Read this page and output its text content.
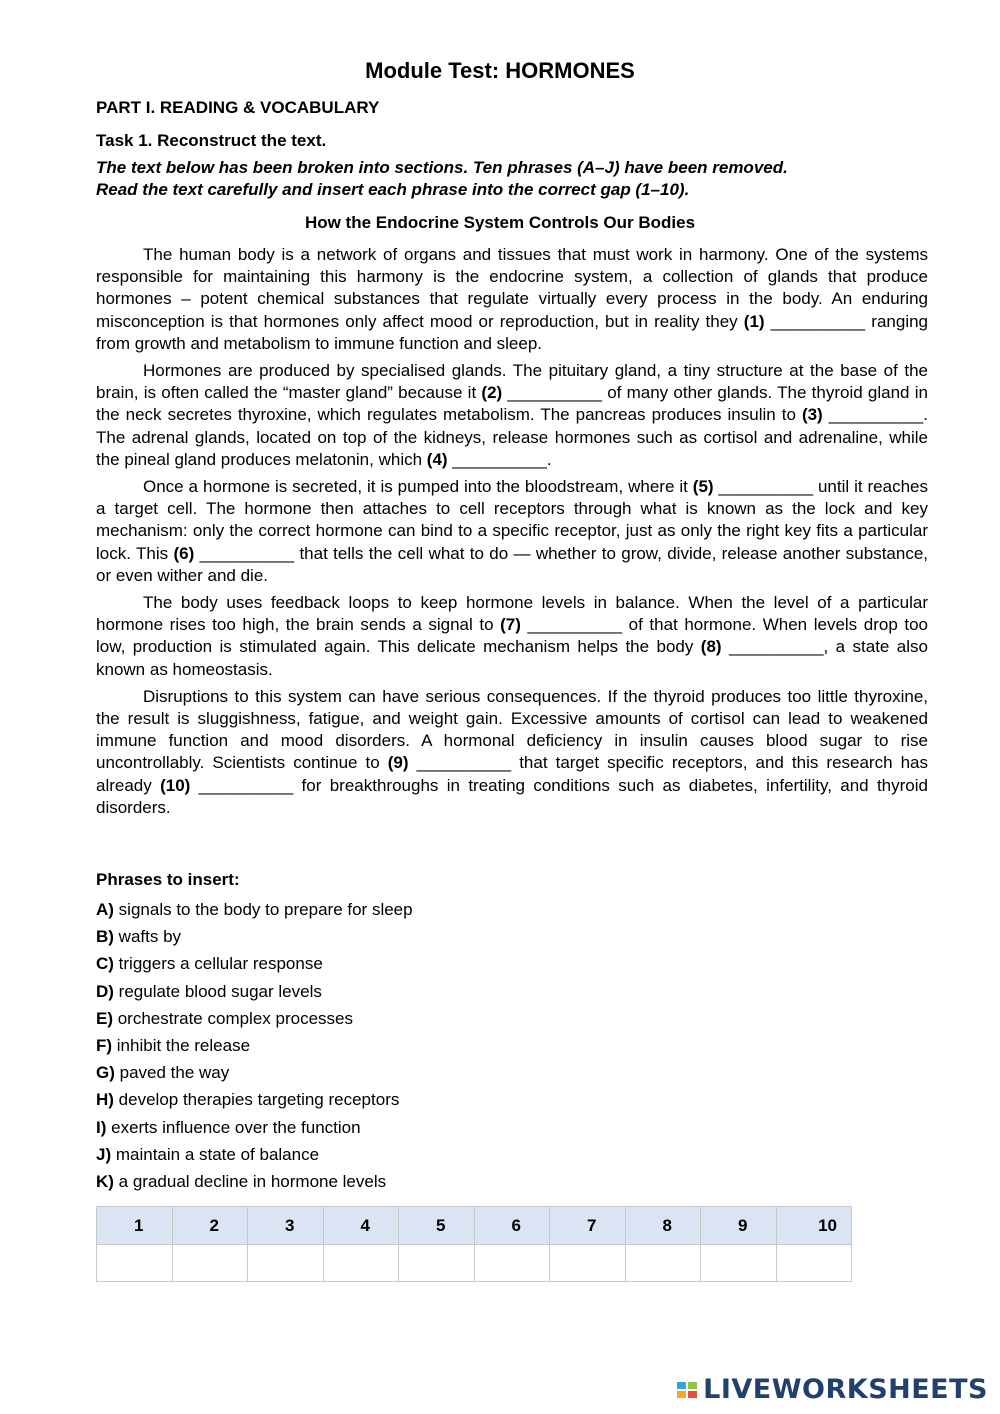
Module Test: HORMONES
PART I. READING & VOCABULARY
Task 1. Reconstruct the text.
The text below has been broken into sections. Ten phrases (A–J) have been removed.
Read the text carefully and insert each phrase into the correct gap (1–10).
How the Endocrine System Controls Our Bodies

The human body is a network of organs and tissues that must work in harmony. One of the systems responsible for maintaining this harmony is the endocrine system, a collection of glands that produce hormones – potent chemical substances that regulate virtually every process in the body. An enduring misconception is that hormones only affect mood or reproduction, but in reality they (1) __________ ranging from growth and metabolism to immune function and sleep.

Hormones are produced by specialised glands. The pituitary gland, a tiny structure at the base of the brain, is often called the “master gland” because it (2) __________ of many other glands. The thyroid gland in the neck secretes thyroxine, which regulates metabolism. The pancreas produces insulin to (3) __________. The adrenal glands, located on top of the kidneys, release hormones such as cortisol and adrenaline, while the pineal gland produces melatonin, which (4) __________.

Once a hormone is secreted, it is pumped into the bloodstream, where it (5) __________ until it reaches a target cell. The hormone then attaches to cell receptors through what is known as the lock and key mechanism: only the correct hormone can bind to a specific receptor, just as only the right key fits a particular lock. This (6) __________ that tells the cell what to do — whether to grow, divide, release another substance, or even wither and die.

The body uses feedback loops to keep hormone levels in balance. When the level of a particular hormone rises too high, the brain sends a signal to (7) __________ of that hormone. When levels drop too low, production is stimulated again. This delicate mechanism helps the body (8) __________, a state also known as homeostasis.

Disruptions to this system can have serious consequences. If the thyroid produces too little thyroxine, the result is sluggishness, fatigue, and weight gain. Excessive amounts of cortisol can lead to weakened immune function and mood disorders. A hormonal deficiency in insulin causes blood sugar to rise uncontrollably. Scientists continue to (9) __________ that target specific receptors, and this research has already (10) __________ for breakthroughs in treating conditions such as diabetes, infertility, and thyroid disorders.

Phrases to insert:
A) signals to the body to prepare for sleep
B) wafts by
C) triggers a cellular response
D) regulate blood sugar levels
E) orchestrate complex processes
F) inhibit the release
G) paved the way
H) develop therapies targeting receptors
I) exerts influence over the function
J) maintain a state of balance
K) a gradual decline in hormone levels
1	2	3	4	5	6	7	8	9	10

LIVEWORKSHEETS
